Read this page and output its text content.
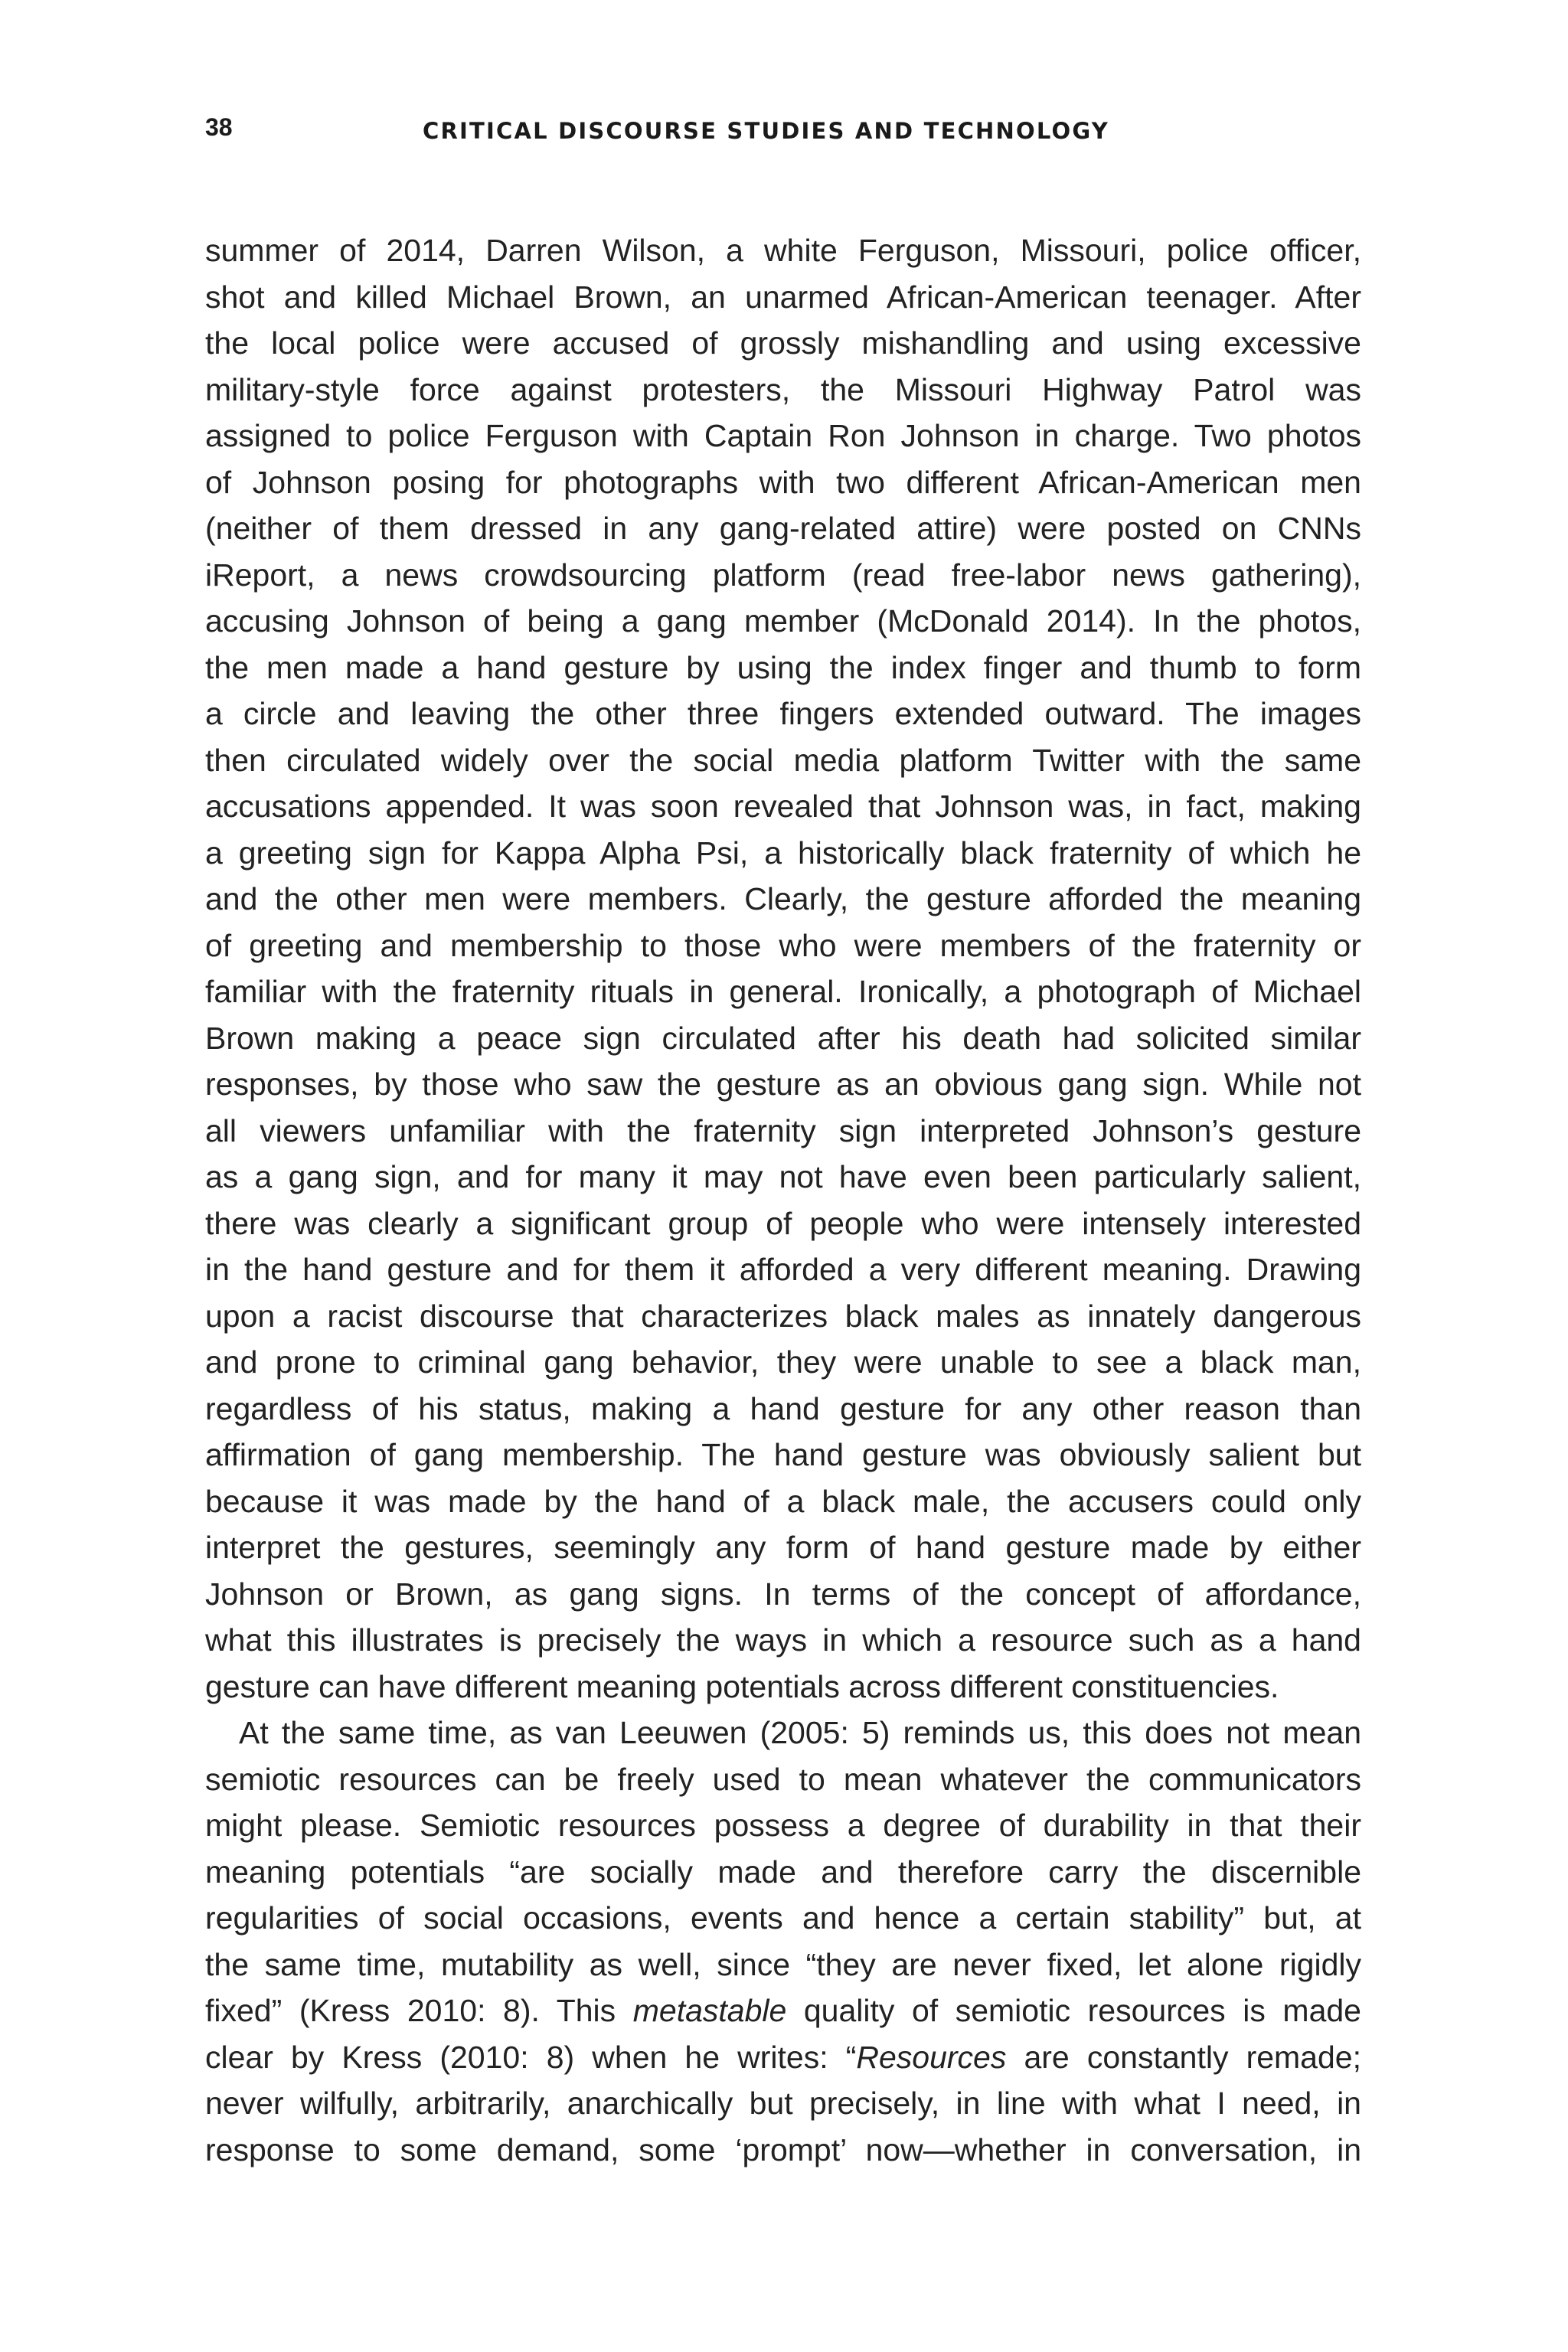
38	CRITICAL DISCOURSE STUDIES AND TECHNOLOGY
summer of 2014, Darren Wilson, a white Ferguson, Missouri, police officer,
shot and killed Michael Brown, an unarmed African-American teenager. After
the local police were accused of grossly mishandling and using excessive
military-style force against protesters, the Missouri Highway Patrol was
assigned to police Ferguson with Captain Ron Johnson in charge. Two photos
of Johnson posing for photographs with two different African-American men
(neither of them dressed in any gang-related attire) were posted on CNNs
iReport, a news crowdsourcing platform (read free-labor news gathering),
accusing Johnson of being a gang member (McDonald 2014). In the photos,
the men made a hand gesture by using the index finger and thumb to form
a circle and leaving the other three fingers extended outward. The images
then circulated widely over the social media platform Twitter with the same
accusations appended. It was soon revealed that Johnson was, in fact, making
a greeting sign for Kappa Alpha Psi, a historically black fraternity of which he
and the other men were members. Clearly, the gesture afforded the meaning
of greeting and membership to those who were members of the fraternity or
familiar with the fraternity rituals in general. Ironically, a photograph of Michael
Brown making a peace sign circulated after his death had solicited similar
responses, by those who saw the gesture as an obvious gang sign. While not
all viewers unfamiliar with the fraternity sign interpreted Johnson’s gesture
as a gang sign, and for many it may not have even been particularly salient,
there was clearly a significant group of people who were intensely interested
in the hand gesture and for them it afforded a very different meaning. Drawing
upon a racist discourse that characterizes black males as innately dangerous
and prone to criminal gang behavior, they were unable to see a black man,
regardless of his status, making a hand gesture for any other reason than
affirmation of gang membership. The hand gesture was obviously salient but
because it was made by the hand of a black male, the accusers could only
interpret the gestures, seemingly any form of hand gesture made by either
Johnson or Brown, as gang signs. In terms of the concept of affordance,
what this illustrates is precisely the ways in which a resource such as a hand
gesture can have different meaning potentials across different constituencies.
At the same time, as van Leeuwen (2005: 5) reminds us, this does not mean
semiotic resources can be freely used to mean whatever the communicators
might please. Semiotic resources possess a degree of durability in that their
meaning potentials “are socially made and therefore carry the discernible
regularities of social occasions, events and hence a certain stability” but, at
the same time, mutability as well, since “they are never fixed, let alone rigidly
fixed” (Kress 2010: 8). This metastable quality of semiotic resources is made
clear by Kress (2010: 8) when he writes: “Resources are constantly remade;
never wilfully, arbitrarily, anarchically but precisely, in line with what I need, in
response to some demand, some ‘prompt’ now—whether in conversation, in
